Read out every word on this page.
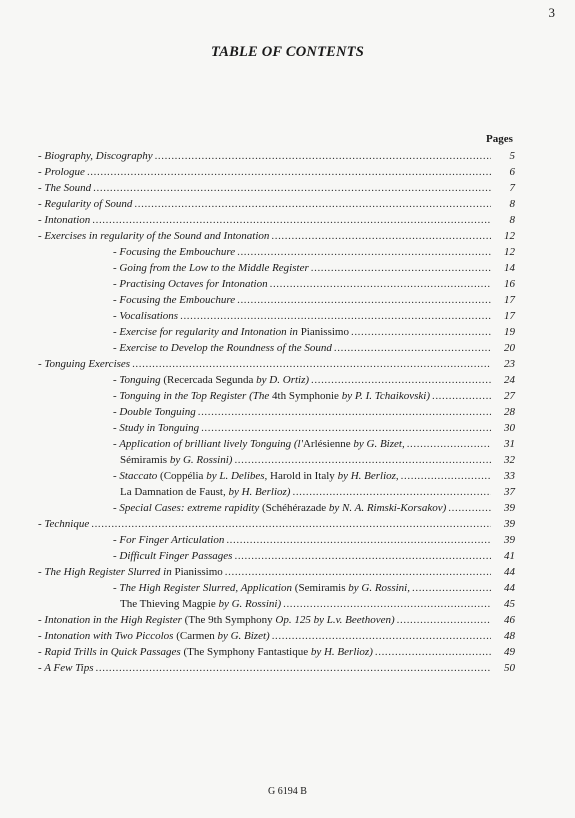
3
TABLE OF CONTENTS
Pages
- Biography, Discography .....	5
- Prologue .....	6
- The Sound .....	7
- Regularity of Sound .....	8
- Intonation .....	8
- Exercises in regularity of the Sound and Intonation .....	12
- Focusing the Embouchure .....	12
- Going from the Low to the Middle Register .....	14
- Practising Octaves for Intonation .....	16
- Focusing the Embouchure .....	17
- Vocalisations .....	17
- Exercise for regularity and Intonation in Pianissimo .....	19
- Exercise to Develop the Roundness of the Sound .....	20
- Tonguing Exercises .....	23
- Tonguing (Recercada Segunda by D. Ortiz) .....	24
- Tonguing in the Top Register (The 4th Symphonie by P. I. Tchaikovski) .....	27
- Double Tonguing .....	28
- Study in Tonguing .....	30
- Application of brilliant lively Tonguing (l'Arlésienne by G. Bizet, .....	31
Sémiramis by G. Rossini) .....	32
- Staccato (Coppélia by L. Delibes, Harold in Italy by H. Berlioz, .....	33
La Damnation de Faust, by H. Berlioz) .....	37
- Special Cases: extreme rapidity (Schéhérazade by N. A. Rimski-Korsakov) .....	39
- Technique .....	39
- For Finger Articulation .....	39
- Difficult Finger Passages .....	41
- The High Register Slurred in Pianissimo .....	44
- The High Register Slurred, Application (Semiramis by G. Rossini, .....	44
The Thieving Magpie by G. Rossini) .....	45
- Intonation in the High Register (The 9th Symphony Op. 125 by L.v. Beethoven) .....	46
- Intonation with Two Piccolos (Carmen by G. Bizet) .....	48
- Rapid Trills in Quick Passages (The Symphony Fantastique by H. Berlioz) .....	49
- A Few Tips .....	50
G 6194 B
